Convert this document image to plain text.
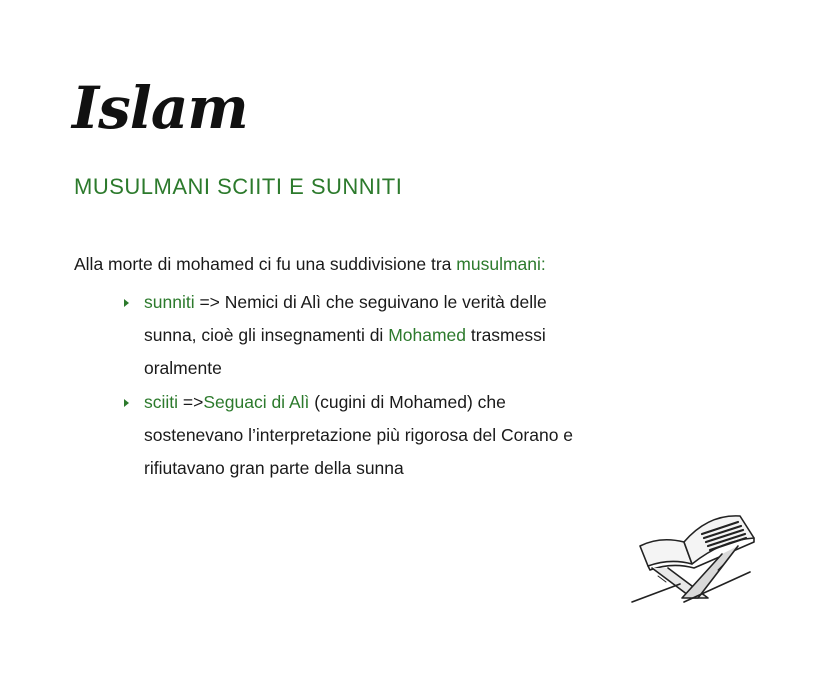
Islam
MUSULMANI SCIITI E SUNNITI
Alla morte di mohamed ci fu una suddivisione tra musulmani:
sunniti => Nemici di Alì che seguivano le verità delle sunna, cioè gli insegnamenti di Mohamed trasmessi oralmente
sciiti =>Seguaci di Alì (cugini di Mohamed) che sostenevano l’interpretazione più rigorosa del Corano e rifiutavano gran parte della sunna
